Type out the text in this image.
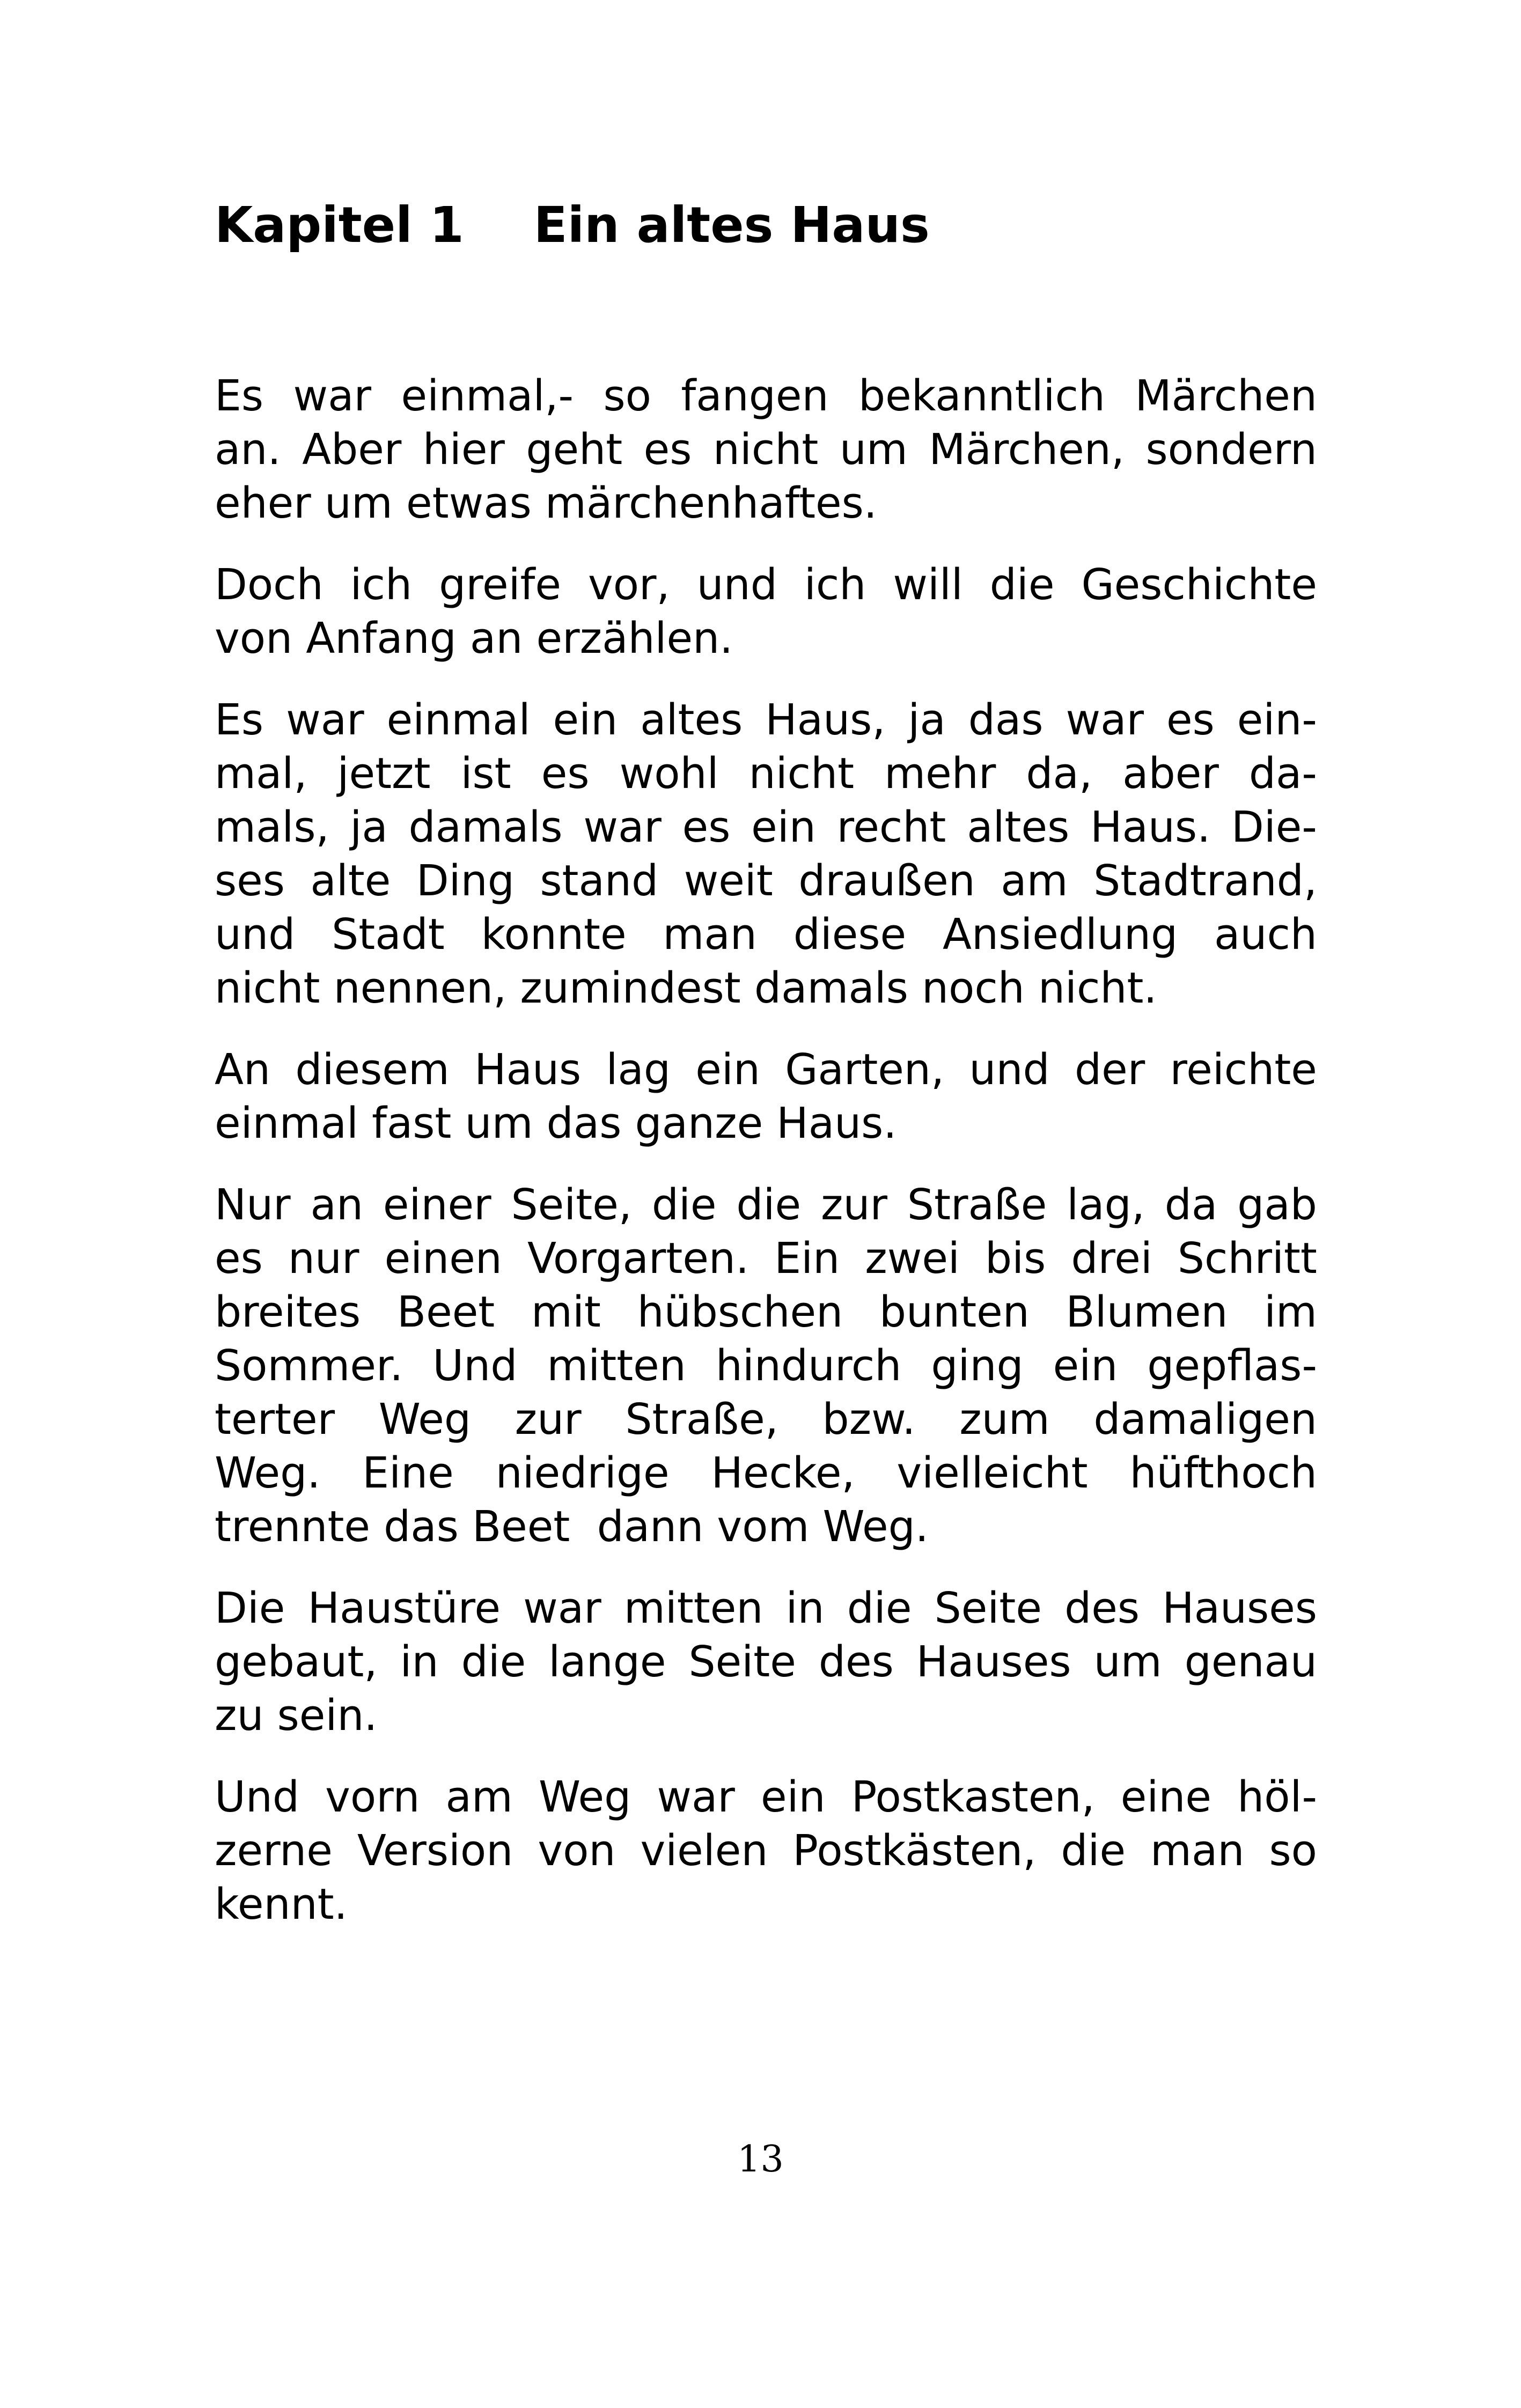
Kapitel 1 Ein altes Haus
Es war einmal,- so fangen bekanntlich Märchen
an. Aber hier geht es nicht um Märchen, sondern
eher um etwas märchenhaftes.
Doch ich greife vor, und ich will die Geschichte
von Anfang an erzählen.
Es war einmal ein altes Haus, ja das war es ein-
mal, jetzt ist es wohl nicht mehr da, aber da-
mals, ja damals war es ein recht altes Haus. Die-
ses alte Ding stand weit draußen am Stadtrand,
und Stadt konnte man diese Ansiedlung auch
nicht nennen, zumindest damals noch nicht.
An diesem Haus lag ein Garten, und der reichte
einmal fast um das ganze Haus.
Nur an einer Seite, die die zur Straße lag, da gab
es nur einen Vorgarten. Ein zwei bis drei Schritt
breites Beet mit hübschen bunten Blumen im
Sommer. Und mitten hindurch ging ein gepflas-
terter Weg zur Straße, bzw. zum damaligen
Weg. Eine niedrige Hecke, vielleicht hüfthoch
trennte das Beet  dann vom Weg.
Die Haustüre war mitten in die Seite des Hauses
gebaut, in die lange Seite des Hauses um genau
zu sein.
Und vorn am Weg war ein Postkasten, eine höl-
zerne Version von vielen Postkästen, die man so
kennt.
13
